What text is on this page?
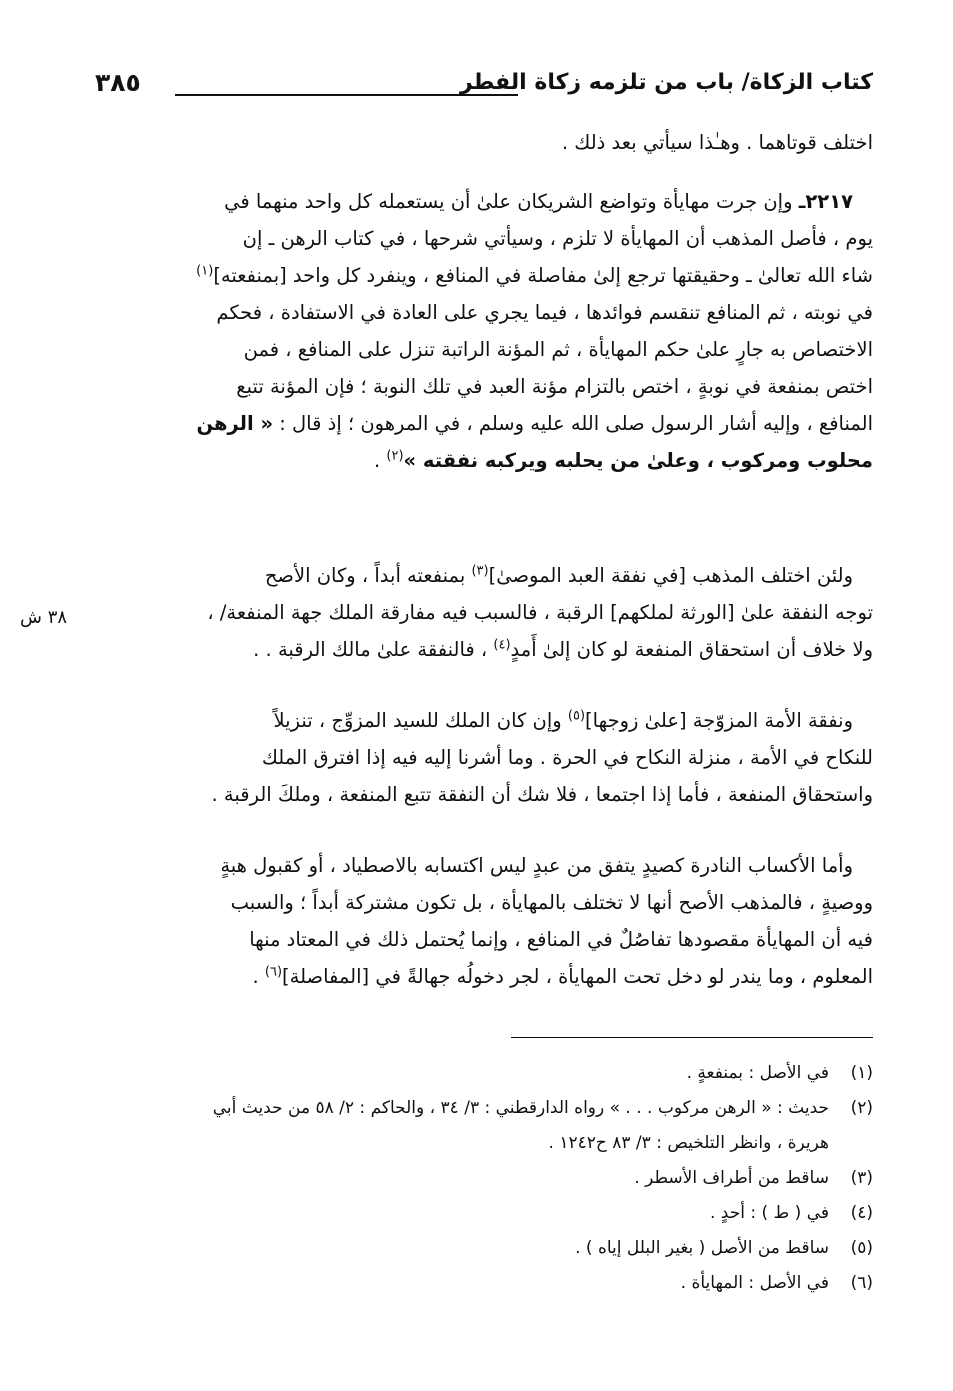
كتاب الزكاة/ باب من تلزمه زكاة الفطر
٣٨٥
٣٨ ش
اختلف قوتاهما . وهـٰذا سيأتي بعد ذلك .
٢٢١٧ـ وإن جرت مهايأة وتواضع الشريكان علىٰ أن يستعمله كل واحد منهما في
يوم ، فأصل المذهب أن المهايأة لا تلزم ، وسيأتي شرحها ، في كتاب الرهن ـ إن
شاء الله تعالىٰ ـ وحقيقتها ترجع إلىٰ مفاصلة في المنافع ، وينفرد كل واحد [بمنفعته]$^{(١)}$
في نوبته ، ثم المنافع تنقسم فوائدها ، فيما يجري على العادة في الاستفادة ، فحكم
الاختصاص به جارٍ علىٰ حكم المهايأة ، ثم المؤنة الراتبة تنزل على المنافع ، فمن
اختص بمنفعة في نوبةٍ ، اختص بالتزام مؤنة العبد في تلك النوبة ؛ فإن المؤنة تتبع
المنافع ، وإليه أشار الرسول صلى الله عليه وسلم ، في المرهون ؛ إذ قال : « الرهن
محلوب ومركوب ، وعلىٰ من يحلبه ويركبه نفقته »$^{(٢)}$ .
ولئن اختلف المذهب [في نفقة العبد الموصىٰ]$^{(٣)}$ بمنفعته أبداً ، وكان الأصح
توجه النفقة علىٰ [الورثة لملكهم] الرقبة ، فالسبب فيه مفارقة الملك جهة المنفعة/ ،
ولا خلاف أن استحقاق المنفعة لو كان إلىٰ أَمدٍ$^{(٤)}$ ، فالنفقة علىٰ مالك الرقبة . .
ونفقة الأمة المزوّجة [علىٰ زوجها]$^{(٥)}$ وإن كان الملك للسيد المزوِّج ، تنزيلاً
للنكاح في الأمة ، منزلة النكاح في الحرة . وما أشرنا إليه فيه إذا افترق الملك
واستحقاق المنفعة ، فأما إذا اجتمعا ، فلا شك أن النفقة تتبع المنفعة ، وملكَ الرقبة .
وأما الأكساب النادرة كصيدٍ يتفق من عبدٍ ليس اكتسابه بالاصطياد ، أو كقبول هبةٍ
ووصيةٍ ، فالمذهب الأصح أنها لا تختلف بالمهايأة ، بل تكون مشتركة أبداً ؛ والسبب
فيه أن المهايأة مقصودها تفاصُلٌ في المنافع ، وإنما يُحتمل ذلك في المعتاد منها
المعلوم ، وما يندر لو دخل تحت المهايأة ، لجر دخولُه جهالةً في [المفاصلة]$^{(٦)}$ .
(١)
في الأصل : بمنفعةٍ .
(٢)
حديث : « الرهن مركوب . . . » رواه الدارقطني : ٣/ ٣٤ ، والحاكم : ٢/ ٥٨ من حديث أبي
هريرة ، وانظر التلخيص : ٣/ ٨٣ ح١٢٤٢ .
(٣)
ساقط من أطراف الأسطر .
(٤)
في ( ط ) : أحدٍ .
(٥)
ساقط من الأصل ( بغير البلل إياه ) .
(٦)
في الأصل : المهايأة .
